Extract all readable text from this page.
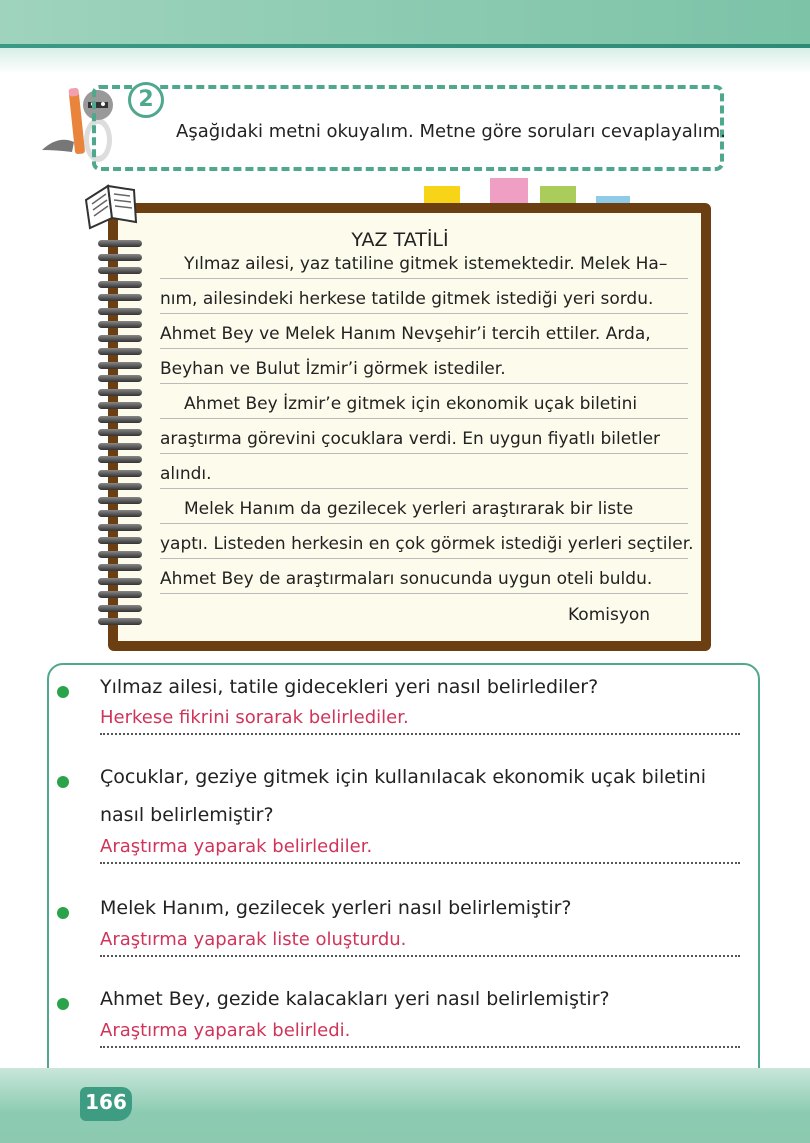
Aşağıdaki metni okuyalım. Metne göre soruları cevaplayalım.
2
YAZ TATİLİ
Yılmaz ailesi, yaz tatiline gitmek istemektedir. Melek Ha–
nım, ailesindeki herkese tatilde gitmek istediği yeri sordu.
Ahmet Bey ve Melek Hanım Nevşehir’i tercih ettiler. Arda,
Beyhan ve Bulut İzmir’i görmek istediler.
Ahmet Bey İzmir’e gitmek için ekonomik uçak biletini
araştırma görevini çocuklara verdi. En uygun fiyatlı biletler
alındı.
Melek Hanım da gezilecek yerleri araştırarak bir liste
yaptı. Listeden herkesin en çok görmek istediği yerleri seçtiler.
Ahmet Bey de araştırmaları sonucunda uygun oteli buldu.
Komisyon
Yılmaz ailesi, tatile gidecekleri yeri nasıl belirlediler?
Herkese fikrini sorarak belirlediler.
Çocuklar, geziye gitmek için kullanılacak ekonomik uçak biletini
nasıl belirlemiştir?
Araştırma yaparak belirlediler.
Melek Hanım, gezilecek yerleri nasıl belirlemiştir?
Araştırma yaparak liste oluşturdu.
Ahmet Bey, gezide kalacakları yeri nasıl belirlemiştir?
Araştırma yaparak belirledi.
166
